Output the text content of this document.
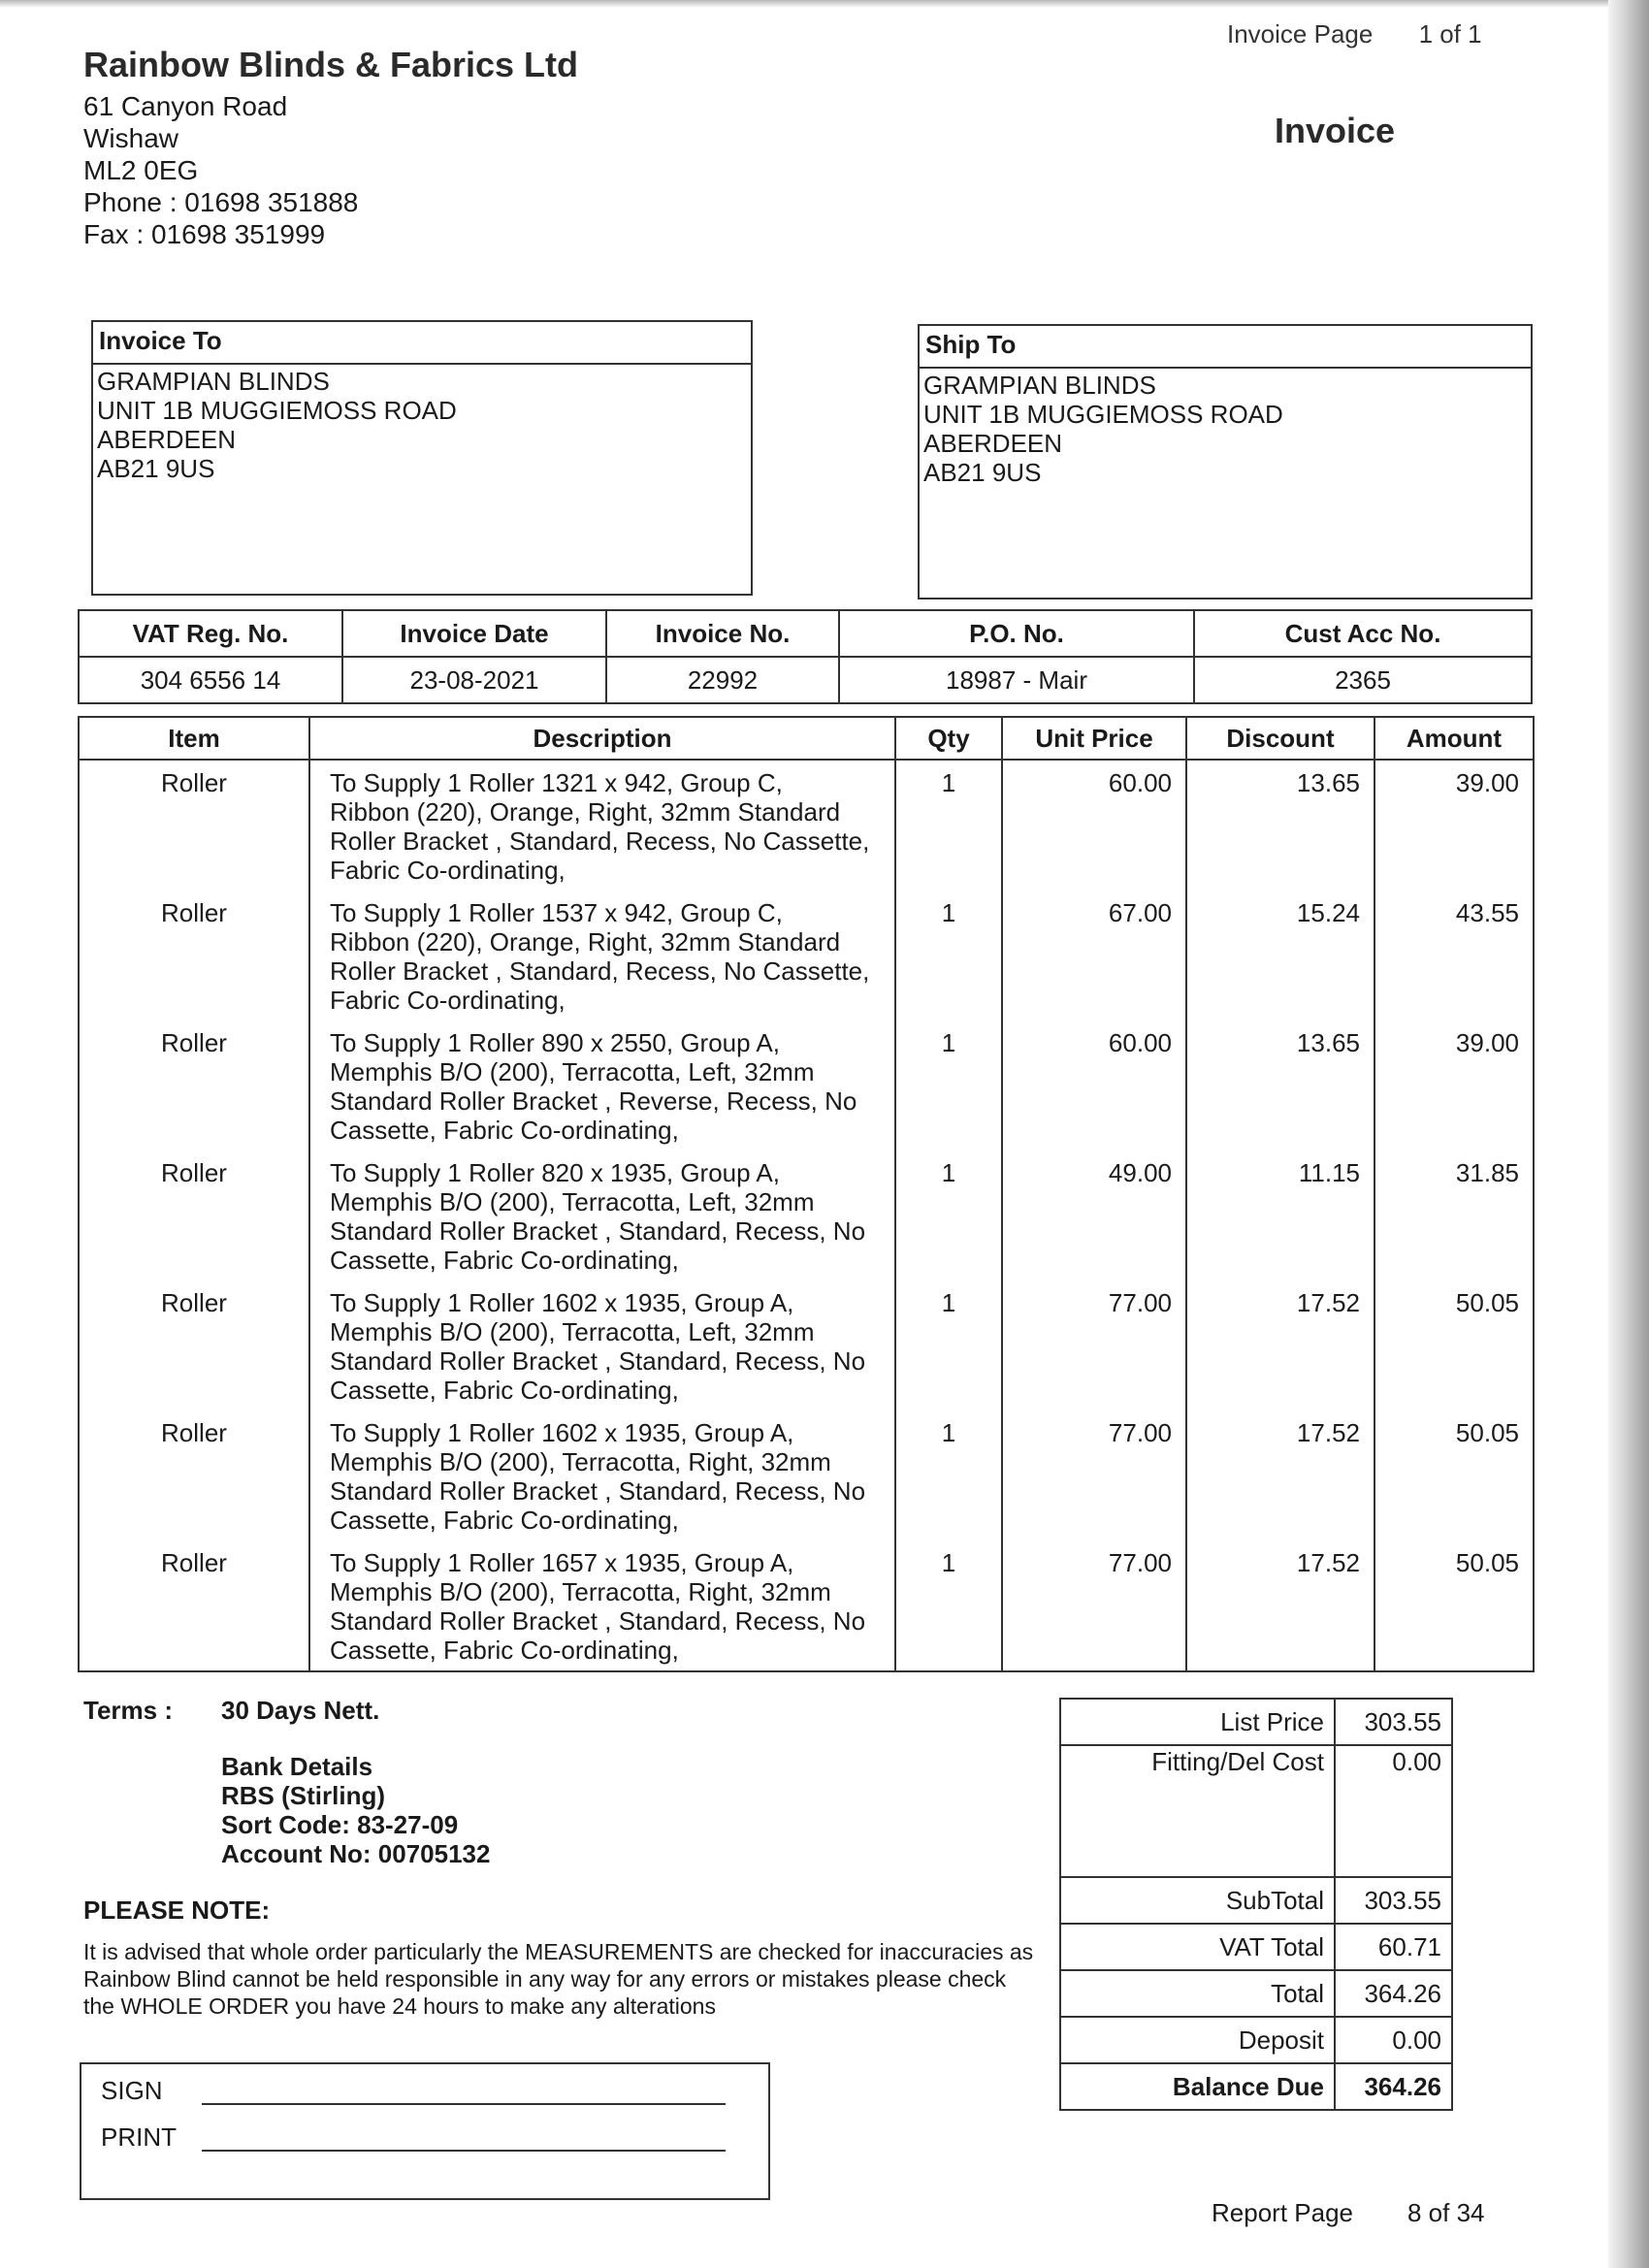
Invoice Page 1 of 1
Rainbow Blinds & Fabrics Ltd
61 Canyon Road
Wishaw
ML2 0EG
Phone : 01698 351888
Fax : 01698 351999
Invoice
Invoice To
GRAMPIAN BLINDS
UNIT 1B MUGGIEMOSS ROAD
ABERDEEN
AB21 9US
Ship To
GRAMPIAN BLINDS
UNIT 1B MUGGIEMOSS ROAD
ABERDEEN
AB21 9US
VAT Reg. No.	Invoice Date	Invoice No.	P.O. No.	Cust Acc No.
304 6556 14	23-08-2021	22992	18987 - Mair	2365
Item	Description	Qty	Unit Price	Discount	Amount
Roller	To Supply 1 Roller 1321 x 942, Group C,
Ribbon (220), Orange, Right, 32mm Standard
Roller Bracket , Standard, Recess, No Cassette,
Fabric Co-ordinating,	1	60.00	13.65	39.00
Roller	To Supply 1 Roller 1537 x 942, Group C,
Ribbon (220), Orange, Right, 32mm Standard
Roller Bracket , Standard, Recess, No Cassette,
Fabric Co-ordinating,	1	67.00	15.24	43.55
Roller	To Supply 1 Roller 890 x 2550, Group A,
Memphis B/O (200), Terracotta, Left, 32mm
Standard Roller Bracket , Reverse, Recess, No
Cassette, Fabric Co-ordinating,	1	60.00	13.65	39.00
Roller	To Supply 1 Roller 820 x 1935, Group A,
Memphis B/O (200), Terracotta, Left, 32mm
Standard Roller Bracket , Standard, Recess, No
Cassette, Fabric Co-ordinating,	1	49.00	11.15	31.85
Roller	To Supply 1 Roller 1602 x 1935, Group A,
Memphis B/O (200), Terracotta, Left, 32mm
Standard Roller Bracket , Standard, Recess, No
Cassette, Fabric Co-ordinating,	1	77.00	17.52	50.05
Roller	To Supply 1 Roller 1602 x 1935, Group A,
Memphis B/O (200), Terracotta, Right, 32mm
Standard Roller Bracket , Standard, Recess, No
Cassette, Fabric Co-ordinating,	1	77.00	17.52	50.05
Roller	To Supply 1 Roller 1657 x 1935, Group A,
Memphis B/O (200), Terracotta, Right, 32mm
Standard Roller Bracket , Standard, Recess, No
Cassette, Fabric Co-ordinating,	1	77.00	17.52	50.05
Terms : 30 Days Nett.
Bank Details
RBS (Stirling)
Sort Code: 83-27-09
Account No: 00705132
PLEASE NOTE:
It is advised that whole order particularly the MEASUREMENTS are checked for inaccuracies as Rainbow Blind cannot be held responsible in any way for any errors or mistakes please check the WHOLE ORDER you have 24 hours to make any alterations
List Price	303.55
Fitting/Del Cost	0.00
SubTotal	303.55
VAT Total	60.71
Total	364.26
Deposit	0.00
Balance Due	364.26
SIGN
PRINT
Report Page 8 of 34
